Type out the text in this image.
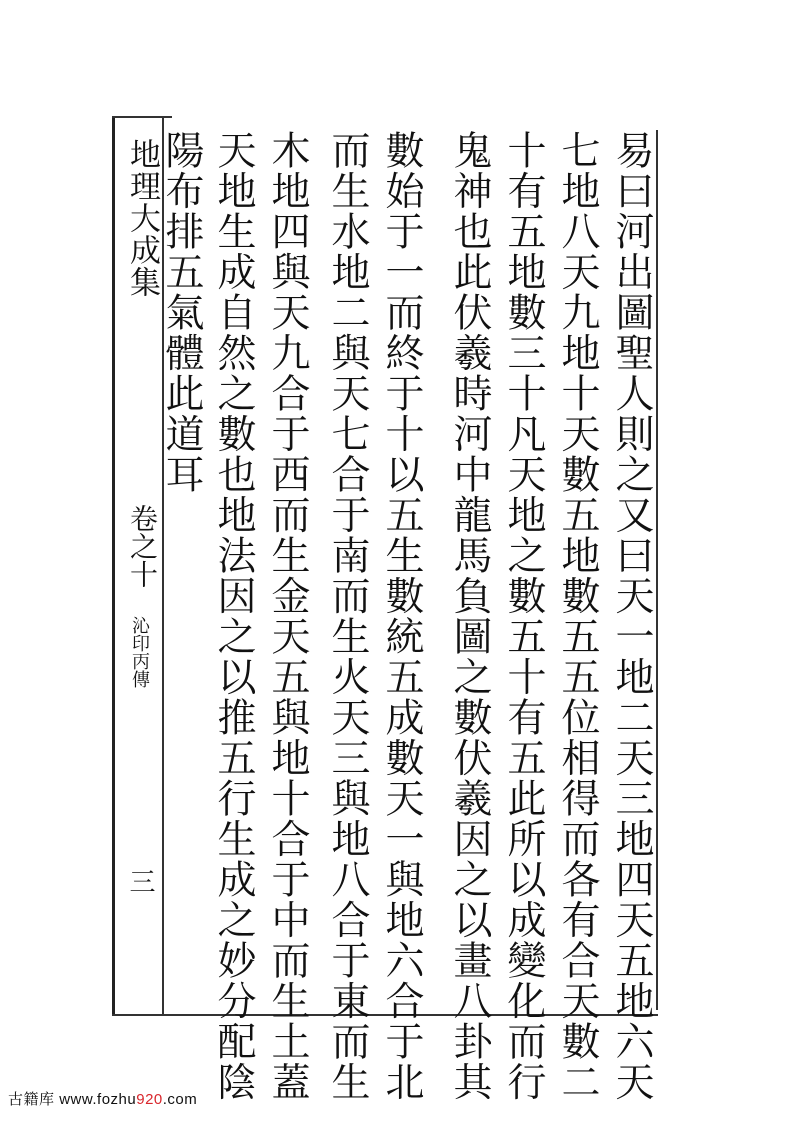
地理大成集
卷之十
沁印丙傳
三	易曰河出圖聖人則之又曰天一地二天三地四天五地六天
七地八天九地十天數五地數五五位相得而各有合天數二
十有五地數三十凡天地之數五十有五此所以成變化而行
鬼神也此伏羲時河中龍馬負圖之數伏羲因之以畫八卦其
數始于一而終于十以五生數統五成數天一與地六合于北
而生水地二與天七合于南而生火天三與地八合于東而生
木地四與天九合于西而生金天五與地十合于中而生土蓋
天地生成自然之數也地法因之以推五行生成之妙分配陰
陽布排五氣體此道耳
古籍库 www.fozhu920.com
